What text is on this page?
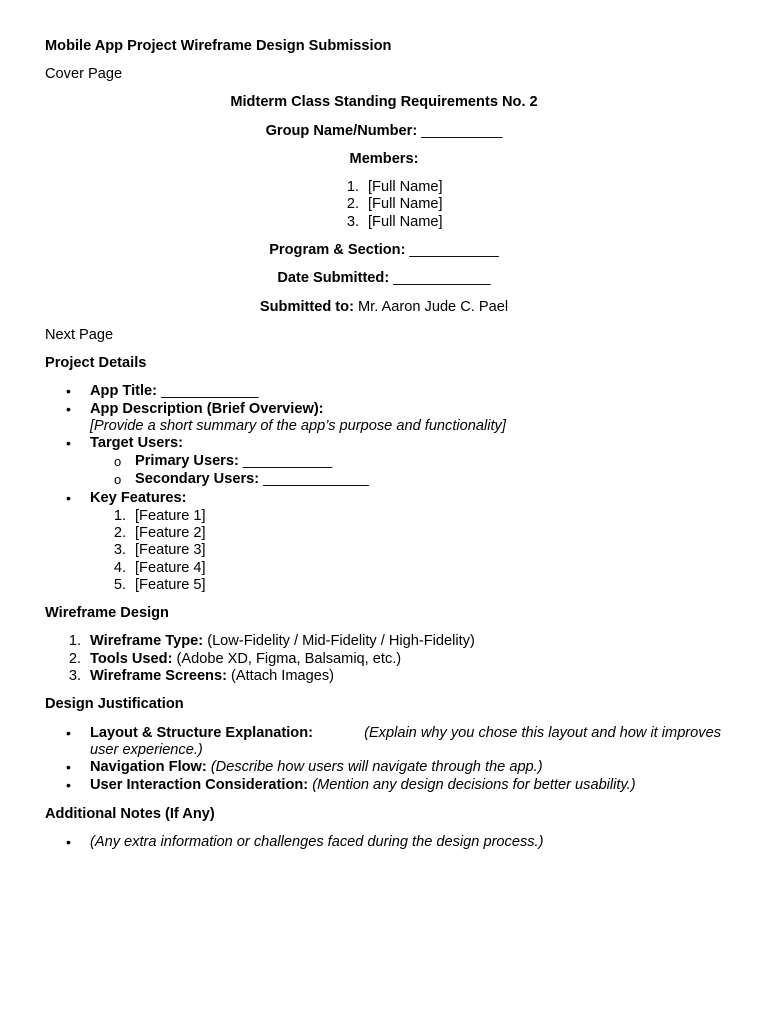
Mobile App Project Wireframe Design Submission
Cover Page
Midterm Class Standing Requirements No. 2
Group Name/Number: __________
Members:
1. [Full Name]
2. [Full Name]
3. [Full Name]
Program & Section: ___________
Date Submitted: ____________
Submitted to: Mr. Aaron Jude C. Pael
Next Page
Project Details
• App Title: ____________
• App Description (Brief Overview):
[Provide a short summary of the app’s purpose and functionality]
• Target Users:
o Primary Users: ___________
o Secondary Users: _____________
• Key Features:
1. [Feature 1]
2. [Feature 2]
3. [Feature 3]
4. [Feature 4]
5. [Feature 5]
Wireframe Design
1. Wireframe Type: (Low-Fidelity / Mid-Fidelity / High-Fidelity)
2. Tools Used: (Adobe XD, Figma, Balsamiq, etc.)
3. Wireframe Screens: (Attach Images)
Design Justification
• Layout & Structure Explanation:	(Explain why you chose this layout and how it improves
user experience.)
• Navigation Flow: (Describe how users will navigate through the app.)
• User Interaction Consideration: (Mention any design decisions for better usability.)
Additional Notes (If Any)
• (Any extra information or challenges faced during the design process.)
